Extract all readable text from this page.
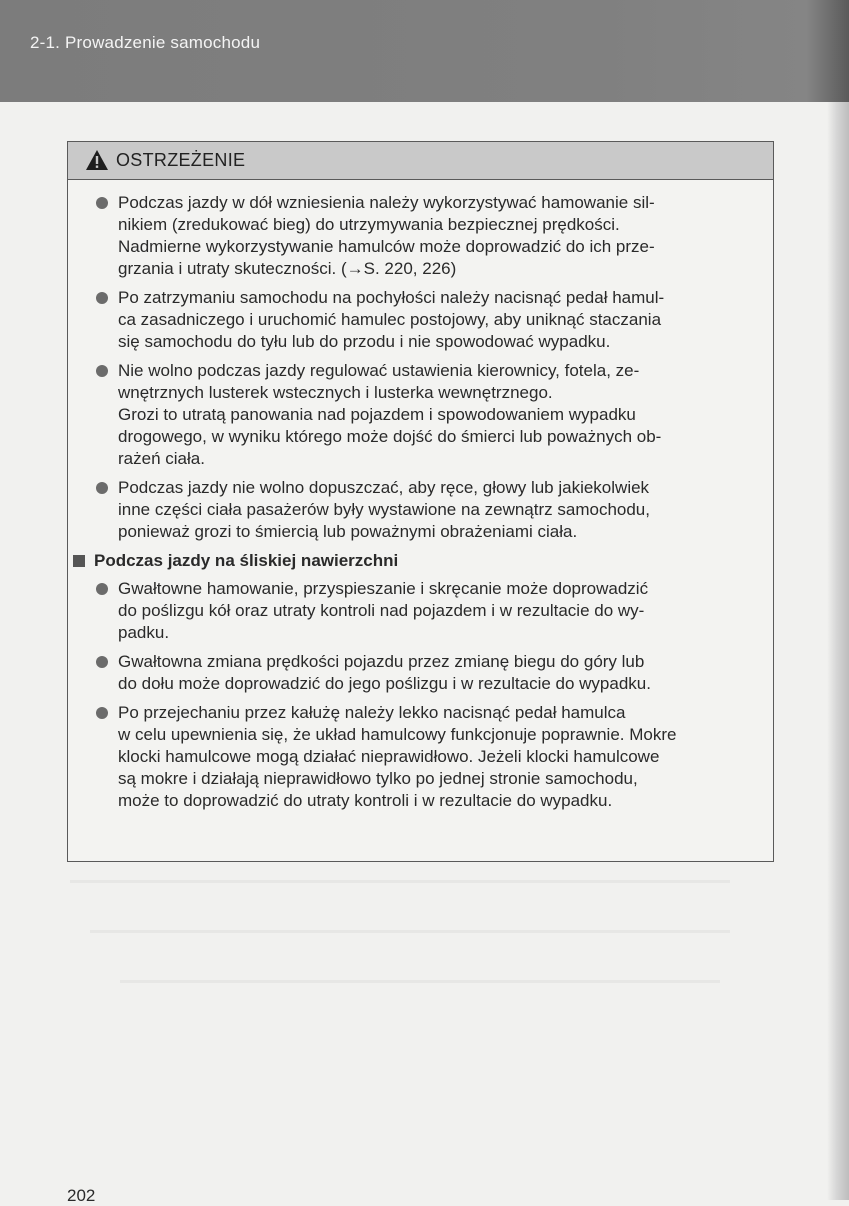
2-1. Prowadzenie samochodu
OSTRZEŻENIE
Podczas jazdy w dół wzniesienia należy wykorzystywać hamowanie sil-
nikiem (zredukować bieg) do utrzymywania bezpiecznej prędkości.
Nadmierne wykorzystywanie hamulców może doprowadzić do ich prze-
grzania i utraty skuteczności. (→S. 220, 226)
Po zatrzymaniu samochodu na pochyłości należy nacisnąć pedał hamul-
ca zasadniczego i uruchomić hamulec postojowy, aby uniknąć staczania
się samochodu do tyłu lub do przodu i nie spowodować wypadku.
Nie wolno podczas jazdy regulować ustawienia kierownicy, fotela, ze-
wnętrznych lusterek wstecznych i lusterka wewnętrznego.
Grozi to utratą panowania nad pojazdem i spowodowaniem wypadku
drogowego, w wyniku którego może dojść do śmierci lub poważnych ob-
rażeń ciała.
Podczas jazdy nie wolno dopuszczać, aby ręce, głowy lub jakiekolwiek
inne części ciała pasażerów były wystawione na zewnątrz samochodu,
ponieważ grozi to śmiercią lub poważnymi obrażeniami ciała.
Podczas jazdy na śliskiej nawierzchni
Gwałtowne hamowanie, przyspieszanie i skręcanie może doprowadzić
do poślizgu kół oraz utraty kontroli nad pojazdem i w rezultacie do wy-
padku.
Gwałtowna zmiana prędkości pojazdu przez zmianę biegu do góry lub
do dołu może doprowadzić do jego poślizgu i w rezultacie do wypadku.
Po przejechaniu przez kałużę należy lekko nacisnąć pedał hamulca
w celu upewnienia się, że układ hamulcowy funkcjonuje poprawnie. Mokre
klocki hamulcowe mogą działać nieprawidłowo. Jeżeli klocki hamulcowe
są mokre i działają nieprawidłowo tylko po jednej stronie samochodu,
może to doprowadzić do utraty kontroli i w rezultacie do wypadku.
202
